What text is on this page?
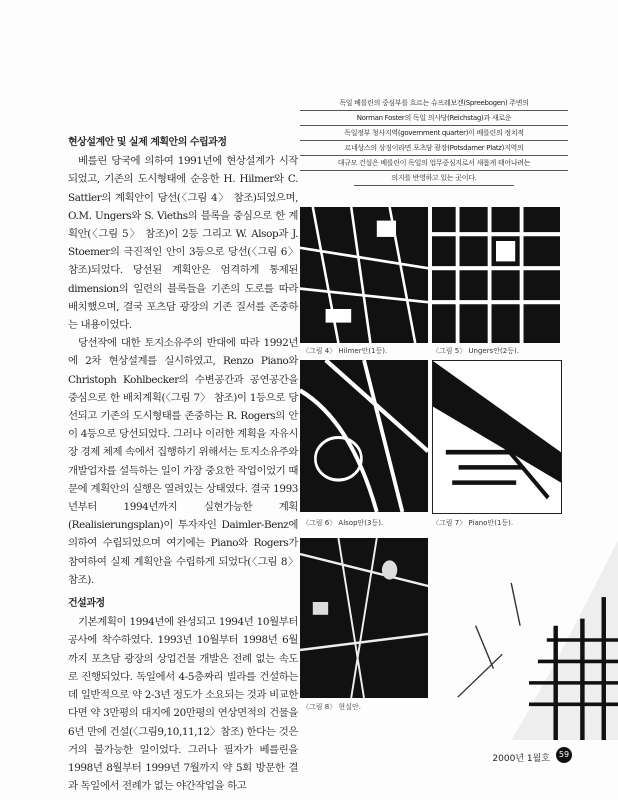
독일 베를린의 중심부를 흐르는 슈프레보겐(Spreebogen) 주변의
Norman Foster의 독일 의사당(Reichstag)과 새로운
독일정부 청사지역(government quarter)이 베를린의 정치적
르네상스의 상징이라면 포츠담 광장(Potsdamer Platz)지역의
대규모 건설은 베를린이 독일의 업무중심지로서 새롭게 태어나려는
의지를 반영하고 있는 곳이다.

현상설계안 및 실제 계획안의 수립과정

베를린 당국에 의하여 1991년에 현상설계가 시작되었고, 기존의 도시형태에 순응한 H. Hilmer와 C. Sattler의 계획안이 당선(〈그림 4〉 참조)되었으며, O.M. Ungers와 S. Vieths의 블록을 중심으로 한 계획안(〈그림 5〉 참조)이 2등 그리고 W. Alsop과 J. Stoemer의 극진적인 안이 3등으로 당선(〈그림 6〉 참조)되었다. 당선된 계획안은 엄격하게 통제된 dimension의 일련의 블록들을 기존의 도로를 따라 배치했으며, 결국 포츠담 광장의 기존 질서를 존중하는 내용이었다.

당선작에 대한 토지소유주의 반대에 따라 1992년에 2차 현상설계를 실시하였고, Renzo Piano와 Christoph Kohlbecker의 수변공간과 공연공간을 중심으로 한 배치계획(〈그림 7〉 참조)이 1등으로 당선되고 기존의 도시형태를 존중하는 R. Rogers의 안이 4등으로 당선되었다. 그러나 이러한 계획을 자유시장 경제 체제 속에서 집행하기 위해서는 토지소유주와 개발업자를 설득하는 일이 가장 중요한 작업이었기 때문에 계획안의 실행은 열려있는 상태였다. 결국 1993년부터 1994년까지 실현가능한 계획(Realisierungsplan)이 투자자인 Daimler-Benz에 의하여 수립되었으며 여기에는 Piano와 Rogers가 참여하여 실제 계획안을 수립하게 되었다(〈그림 8〉 참조).

건설과정

기본계획이 1994년에 완성되고 1994년 10월부터 공사에 착수하였다. 1993년 10월부터 1998년 6월까지 포츠담 광장의 상업건물 개발은 전례 없는 속도로 진행되었다. 독일에서 4-5층짜리 빌라를 건설하는데 일반적으로 약 2-3년 정도가 소요되는 것과 비교한다면 약 3만평의 대지에 20만평의 연상면적의 건물을 6년 만에 건설(〈그림9,10,11,12〉참조) 한다는 것은 거의 불가능한 일이었다. 그러나 필자가 베를린을 1998년 8월부터 1999년 7월까지 약 5회 방문한 결과 독일에서 전례가 없는 야간작업을 하고

〈그림 4〉 Hilmer안(1등).	〈그림 5〉 Ungers안(2등).
〈그림 6〉 Alsop안(3등).	〈그림 7〉 Piano안(1등).
〈그림 8〉 현실안.
2000년 1월호	59
